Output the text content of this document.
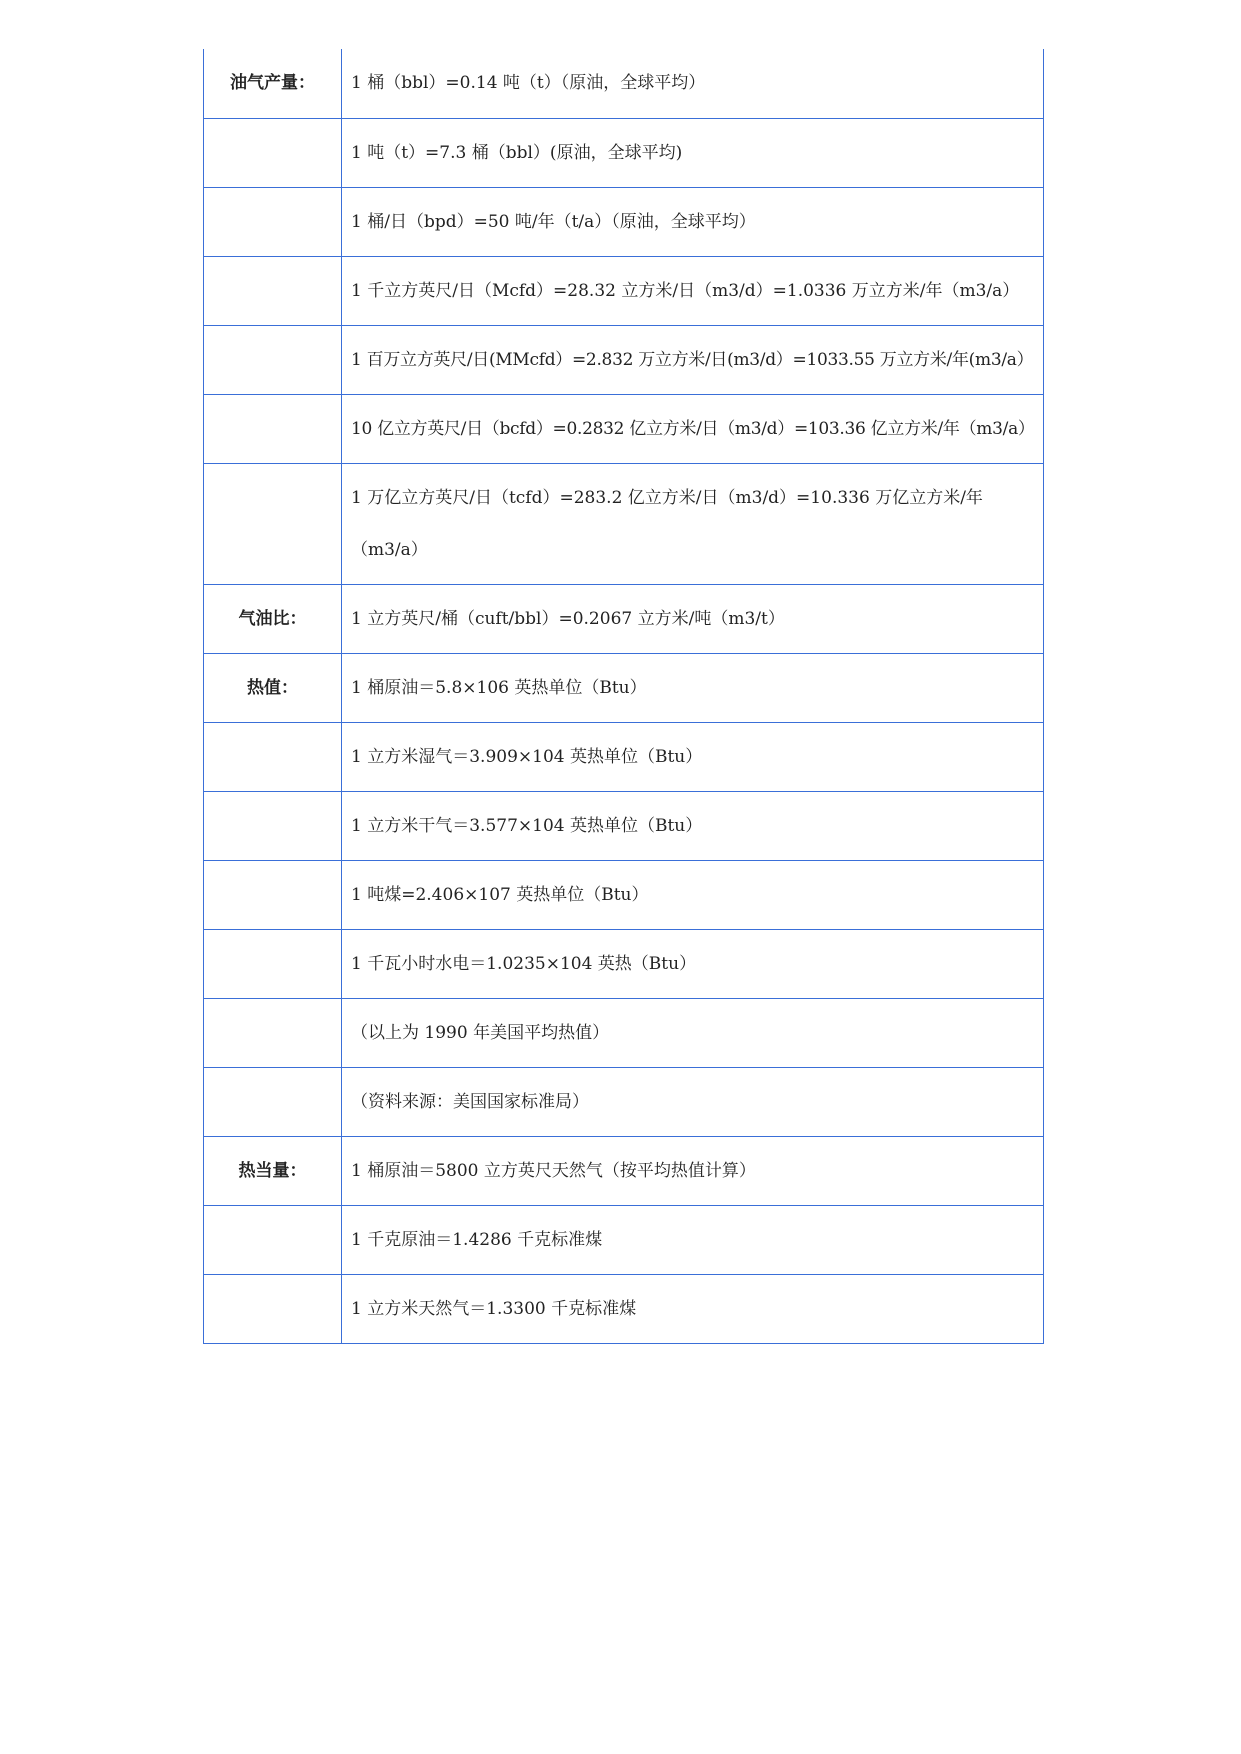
油气产量：	1 桶（bbl）=0.14 吨（t）（原油，全球平均）
	1 吨（t）=7.3 桶（bbl）(原油，全球平均)
	1 桶/日（bpd）=50 吨/年（t/a）（原油，全球平均）
	1 千立方英尺/日（Mcfd）=28.32 立方米/日（m3/d）=1.0336 万立方米/年（m3/a）
	1 百万立方英尺/日(MMcfd）=2.832 万立方米/日(m3/d）=1033.55 万立方米/年(m3/a）
	10 亿立方英尺/日（bcfd）=0.2832 亿立方米/日（m3/d）=103.36 亿立方米/年（m3/a）
	1 万亿立方英尺/日（tcfd）=283.2 亿立方米/日（m3/d）=10.336 万亿立方米/年（m3/a）
气油比：	1 立方英尺/桶（cuft/bbl）=0.2067 立方米/吨（m3/t）
热值：	1 桶原油＝5.8×106 英热单位（Btu）
	1 立方米湿气＝3.909×104 英热单位（Btu）
	1 立方米干气＝3.577×104 英热单位（Btu）
	1 吨煤=2.406×107 英热单位（Btu）
	1 千瓦小时水电＝1.0235×104 英热（Btu）
	（以上为 1990 年美国平均热值）
	（资料来源：美国国家标准局）
热当量：	1 桶原油＝5800 立方英尺天然气（按平均热值计算）
	1 千克原油＝1.4286 千克标准煤
	1 立方米天然气＝1.3300 千克标准煤
